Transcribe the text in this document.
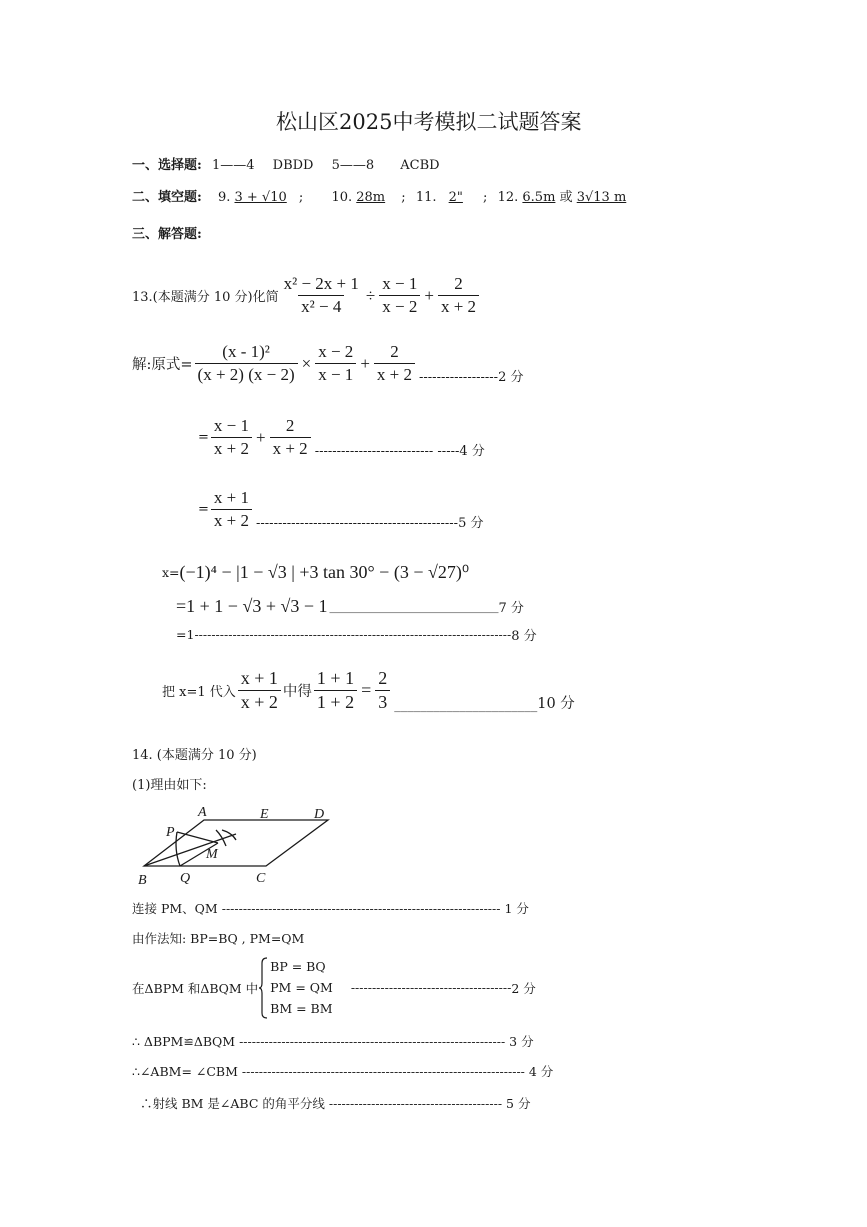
松山区2025中考模拟二试题答案
一、选择题: 1——4 DBDD 5——8 ACBD
二、填空题: 9. 3 + √10 ; 10. 28m ; 11. 2" ; 12. 6.5m 或 3√13 m
三、解答题:
13.(本题满分 10 分)化简 $\frac{\text{x² − 2x + 1}}{\text{x² − 4}} \div \frac{x - 1}{x - 2} + \frac{2}{x + 2}$
解:原式= $\frac{\text{(x - 1)²}}{(x + 2) (x - 2)} \times \frac{x - 2}{x - 1} + \frac{2}{x + 2}$ ------------------ 2 分
= $\frac{x - 1}{x + 2} + \frac{2}{x + 2}$ --------------------------- ----- 4 分
= $\frac{x + 1}{x + 2}$ ---------------------------------------------- 5 分
x= (−1)⁴ − |1 − √3 | +3 tan 30° − (3 − √27)⁰
=1 + 1 − √3 + √3 − 1 __________________________ 7 分
=1 --------------------------------------------------------------------------- 8 分
把 x=1 代入 $\frac{x + 1}{x + 2}$ 中得 $\frac{1 + 1}{1 + 2} = \frac{2}{3}$ ______________________ 10 分
14. (本题满分 10 分)
(1)理由如下:
A	E	D
P
M
B Q	C
连接 PM、QM ------------------------------------------------------------------ 1 分
由作法知: BP=BQ , PM=QM
在ΔBPM 和ΔBQM 中
BP = BQ
PM = QM
BM = BM
-------------------------------------- 2 分
∴ ΔBPM≌ΔBQM --------------------------------------------------------------- 3 分
∴∠ABM= ∠CBM ------------------------------------------------------------------- 4 分
∴射线 BM 是∠ABC 的角平分线 ----------------------------------------- 5 分
